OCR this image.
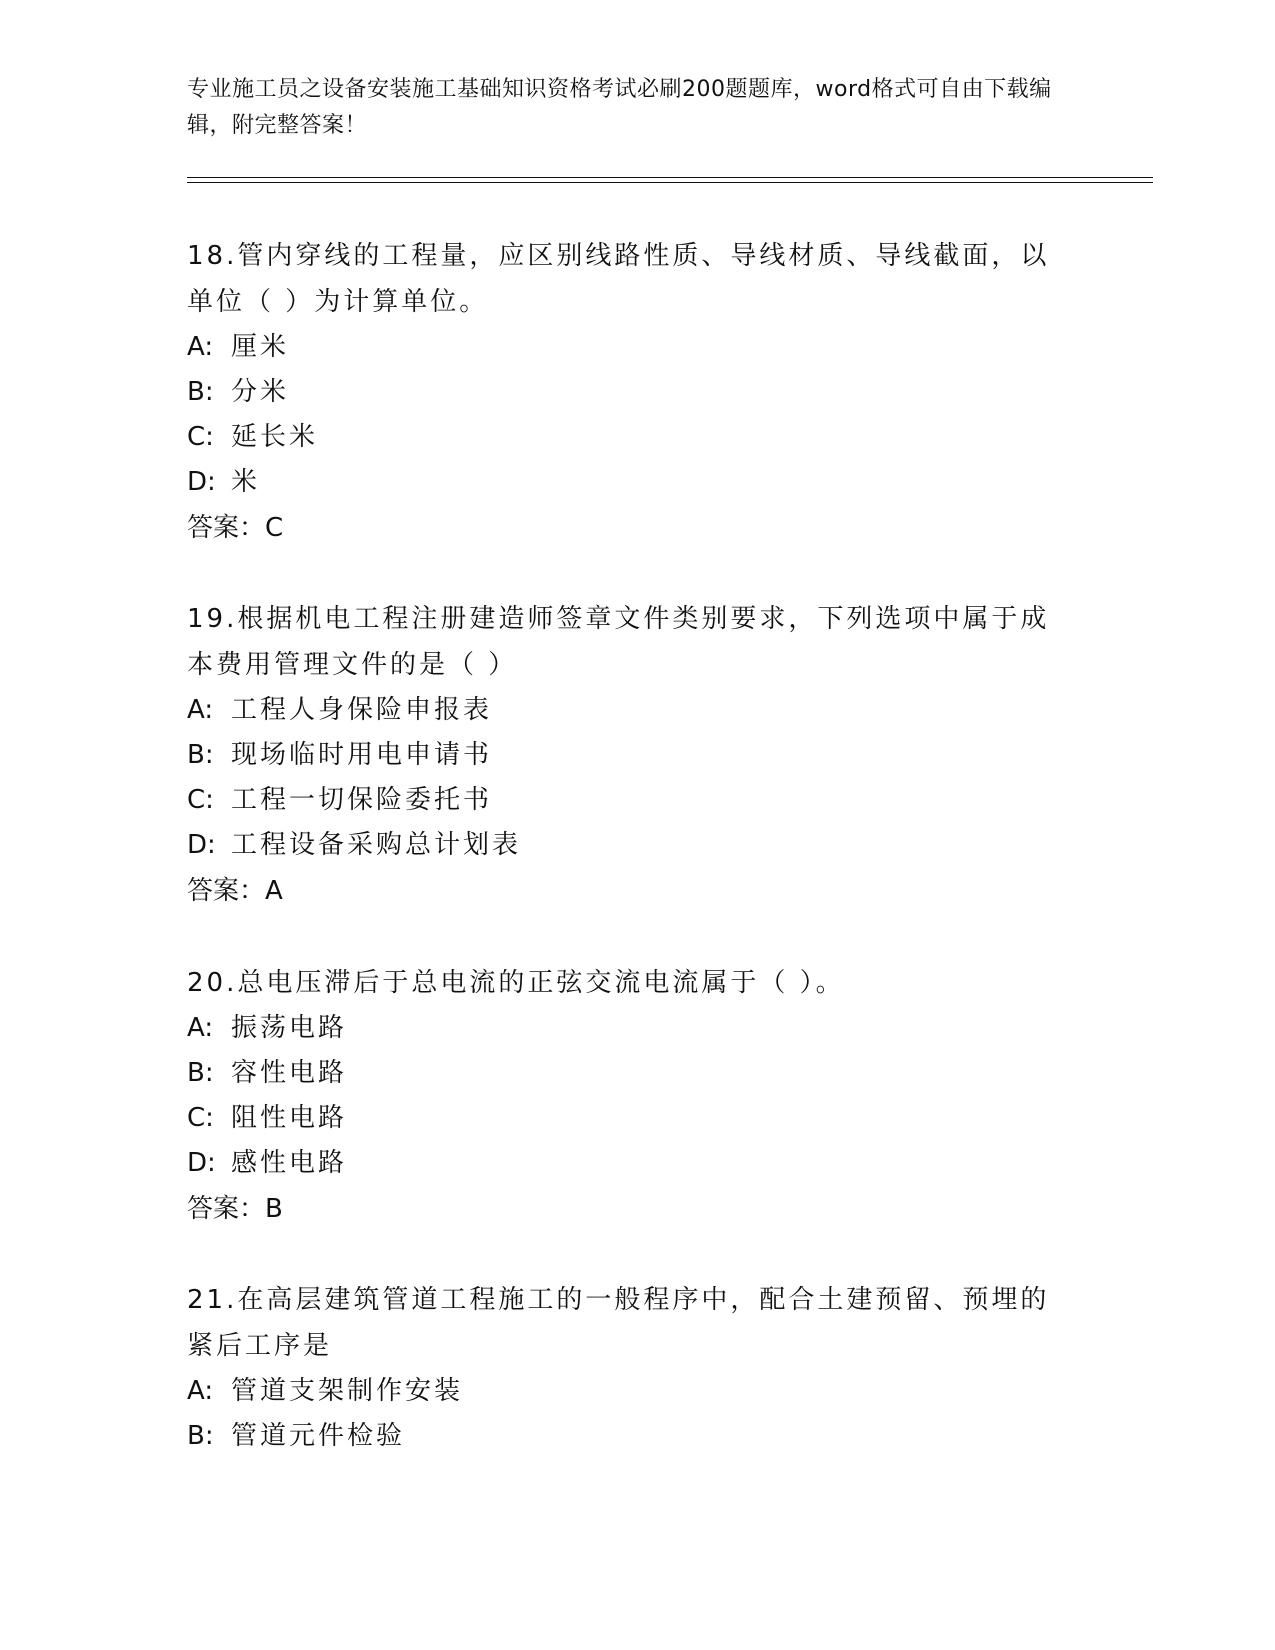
专业施工员之设备安装施工基础知识资格考试必刷200题题库，word格式可自由下载编辑，附完整答案！
18.管内穿线的工程量，应区别线路性质、导线材质、导线截面，以单位（ ）为计算单位。
A: 厘米
B: 分米
C: 延长米
D: 米
答案：C
19.根据机电工程注册建造师签章文件类别要求，下列选项中属于成本费用管理文件的是（ ）
A: 工程人身保险申报表
B: 现场临时用电申请书
C: 工程一切保险委托书
D: 工程设备采购总计划表
答案：A
20.总电压滞后于总电流的正弦交流电流属于（ ）。
A: 振荡电路
B: 容性电路
C: 阻性电路
D: 感性电路
答案：B
21.在高层建筑管道工程施工的一般程序中，配合土建预留、预埋的紧后工序是
A: 管道支架制作安装
B: 管道元件检验
